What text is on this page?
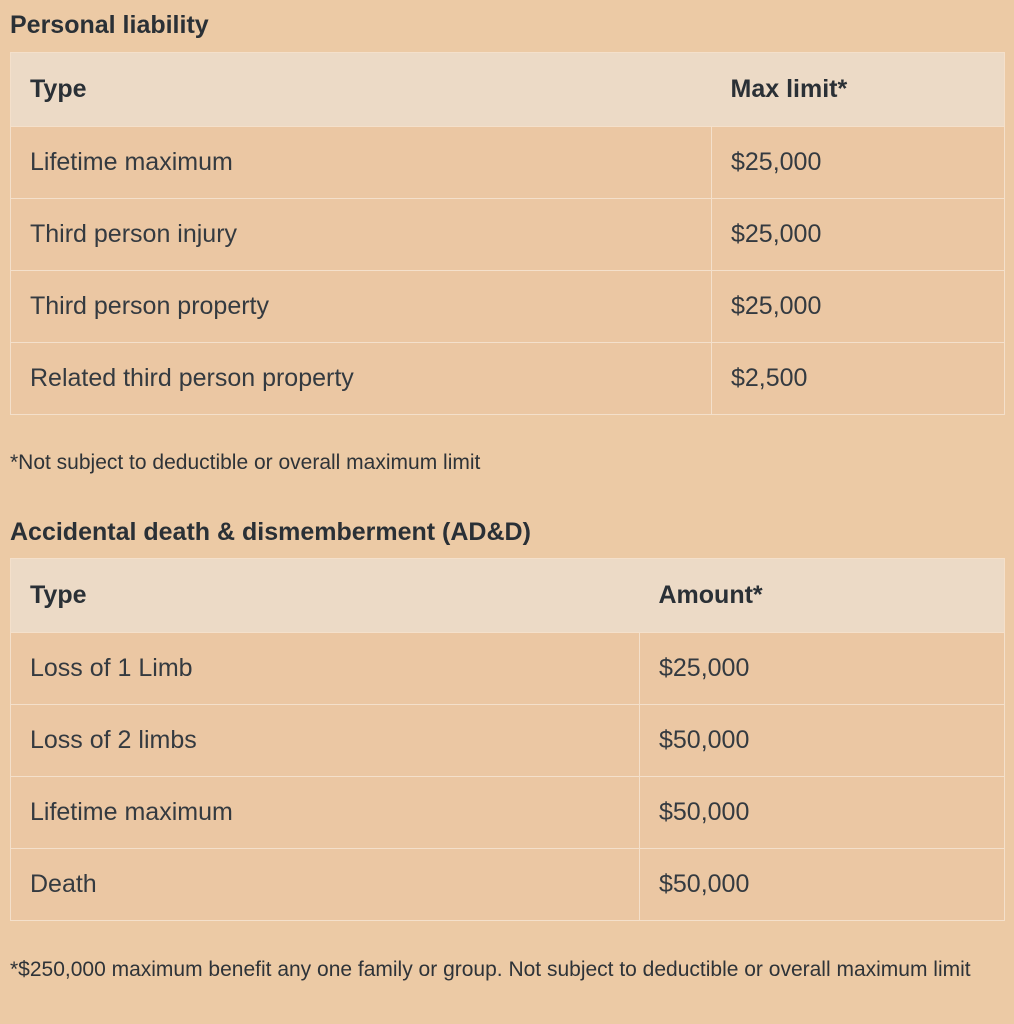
Personal liability
Type	Max limit*
Lifetime maximum	$25,000
Third person injury	$25,000
Third person property	$25,000
Related third person property	$2,500

*Not subject to deductible or overall maximum limit

Accidental death & dismemberment (AD&D)
Type	Amount*
Loss of 1 Limb	$25,000
Loss of 2 limbs	$50,000
Lifetime maximum	$50,000
Death	$50,000

*$250,000 maximum benefit any one family or group. Not subject to deductible or overall maximum limit
